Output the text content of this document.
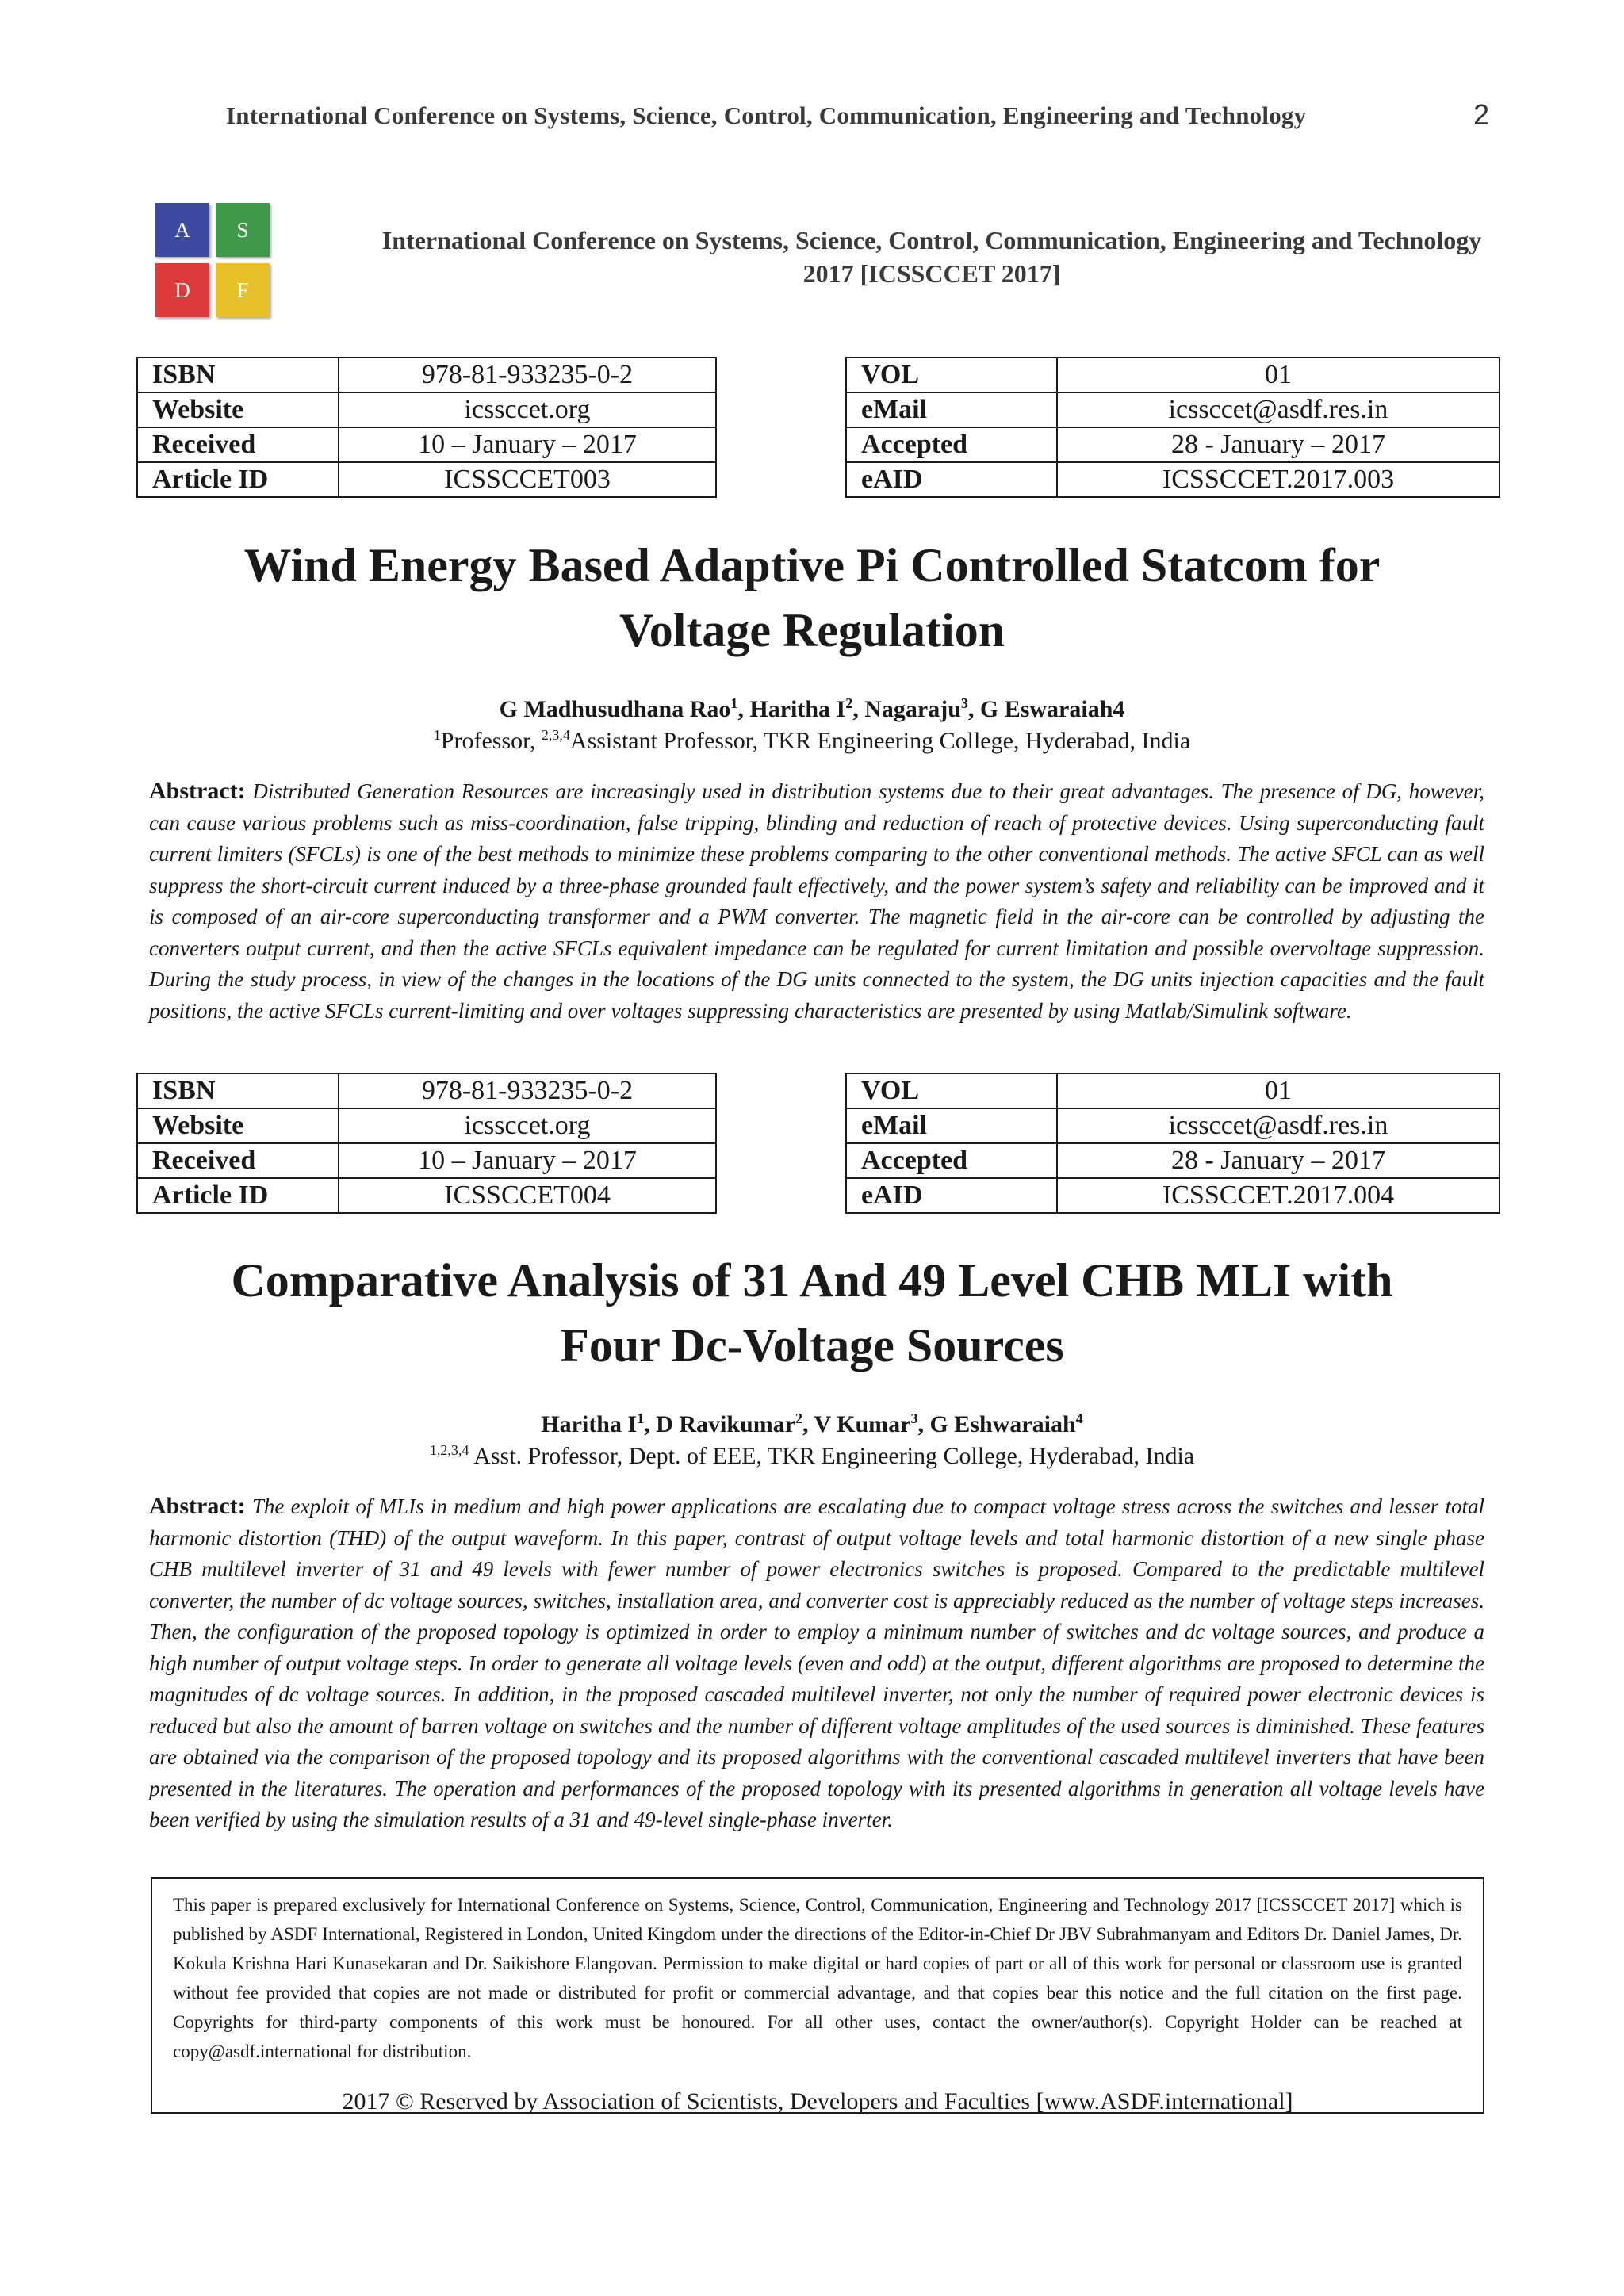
International Conference on Systems, Science, Control, Communication, Engineering and Technology	2
A	S
D	F
International Conference on Systems, Science, Control, Communication, Engineering and Technology 2017 [ICSSCCET 2017]
ISBN	978-81-933235-0-2
Website	icssccet.org
Received	10 – January – 2017
Article ID	ICSSCCET003
VOL	01
eMail	icssccet@asdf.res.in
Accepted	28 - January – 2017
eAID	ICSSCCET.2017.003
Wind Energy Based Adaptive Pi Controlled Statcom for
Voltage Regulation
G Madhusudhana Rao$^1$, Haritha $I^2$, Nagaraju$^3$, G Eswaraiah4
$^1$Professor, $^{2,3,4}$Assistant Professor, TKR Engineering College, Hyderabad, India
Abstract: Distributed Generation Resources are increasingly used in distribution systems due to their great advantages. The presence of DG, however, can cause various problems such as miss-coordination, false tripping, blinding and reduction of reach of protective devices. Using superconducting fault current limiters (SFCLs) is one of the best methods to minimize these problems comparing to the other conventional methods. The active SFCL can as well suppress the short-circuit current induced by a three-phase grounded fault effectively, and the power system’s safety and reliability can be improved and it is composed of an air-core superconducting transformer and a PWM converter. The magnetic field in the air-core can be controlled by adjusting the converters output current, and then the active SFCLs equivalent impedance can be regulated for current limitation and possible overvoltage suppression. During the study process, in view of the changes in the locations of the DG units connected to the system, the DG units injection capacities and the fault positions, the active SFCLs current-limiting and over voltages suppressing characteristics are presented by using Matlab/Simulink software.
ISBN	978-81-933235-0-2
Website	icssccet.org
Received	10 – January – 2017
Article ID	ICSSCCET004
VOL	01
eMail	icssccet@asdf.res.in
Accepted	28 - January – 2017
eAID	ICSSCCET.2017.004
Comparative Analysis of 31 And 49 Level CHB MLI with
Four Dc-Voltage Sources
Haritha $I^1$, D Ravikumar$^2$, V Kumar$^3$, G Eshwaraiah$^4$
$^{1,2,3,4}$ Asst. Professor, Dept. of EEE, TKR Engineering College, Hyderabad, India
Abstract: The exploit of MLIs in medium and high power applications are escalating due to compact voltage stress across the switches and lesser total harmonic distortion (THD) of the output waveform. In this paper, contrast of output voltage levels and total harmonic distortion of a new single phase CHB multilevel inverter of 31 and 49 levels with fewer number of power electronics switches is proposed. Compared to the predictable multilevel converter, the number of dc voltage sources, switches, installation area, and converter cost is appreciably reduced as the number of voltage steps increases. Then, the configuration of the proposed topology is optimized in order to employ a minimum number of switches and dc voltage sources, and produce a high number of output voltage steps. In order to generate all voltage levels (even and odd) at the output, different algorithms are proposed to determine the magnitudes of dc voltage sources. In addition, in the proposed cascaded multilevel inverter, not only the number of required power electronic devices is reduced but also the amount of barren voltage on switches and the number of different voltage amplitudes of the used sources is diminished. These features are obtained via the comparison of the proposed topology and its proposed algorithms with the conventional cascaded multilevel inverters that have been presented in the literatures. The operation and performances of the proposed topology with its presented algorithms in generation all voltage levels have been verified by using the simulation results of a 31 and 49-level single-phase inverter.
This paper is prepared exclusively for International Conference on Systems, Science, Control, Communication, Engineering and Technology 2017 [ICSSCCET 2017] which is published by ASDF International, Registered in London, United Kingdom under the directions of the Editor-in-Chief Dr JBV Subrahmanyam and Editors Dr. Daniel James, Dr. Kokula Krishna Hari Kunasekaran and Dr. Saikishore Elangovan. Permission to make digital or hard copies of part or all of this work for personal or classroom use is granted without fee provided that copies are not made or distributed for profit or commercial advantage, and that copies bear this notice and the full citation on the first page. Copyrights for third-party components of this work must be honoured. For all other uses, contact the owner/author(s). Copyright Holder can be reached at copy@asdf.international for distribution.
2017 © Reserved by Association of Scientists, Developers and Faculties [www.ASDF.international]
